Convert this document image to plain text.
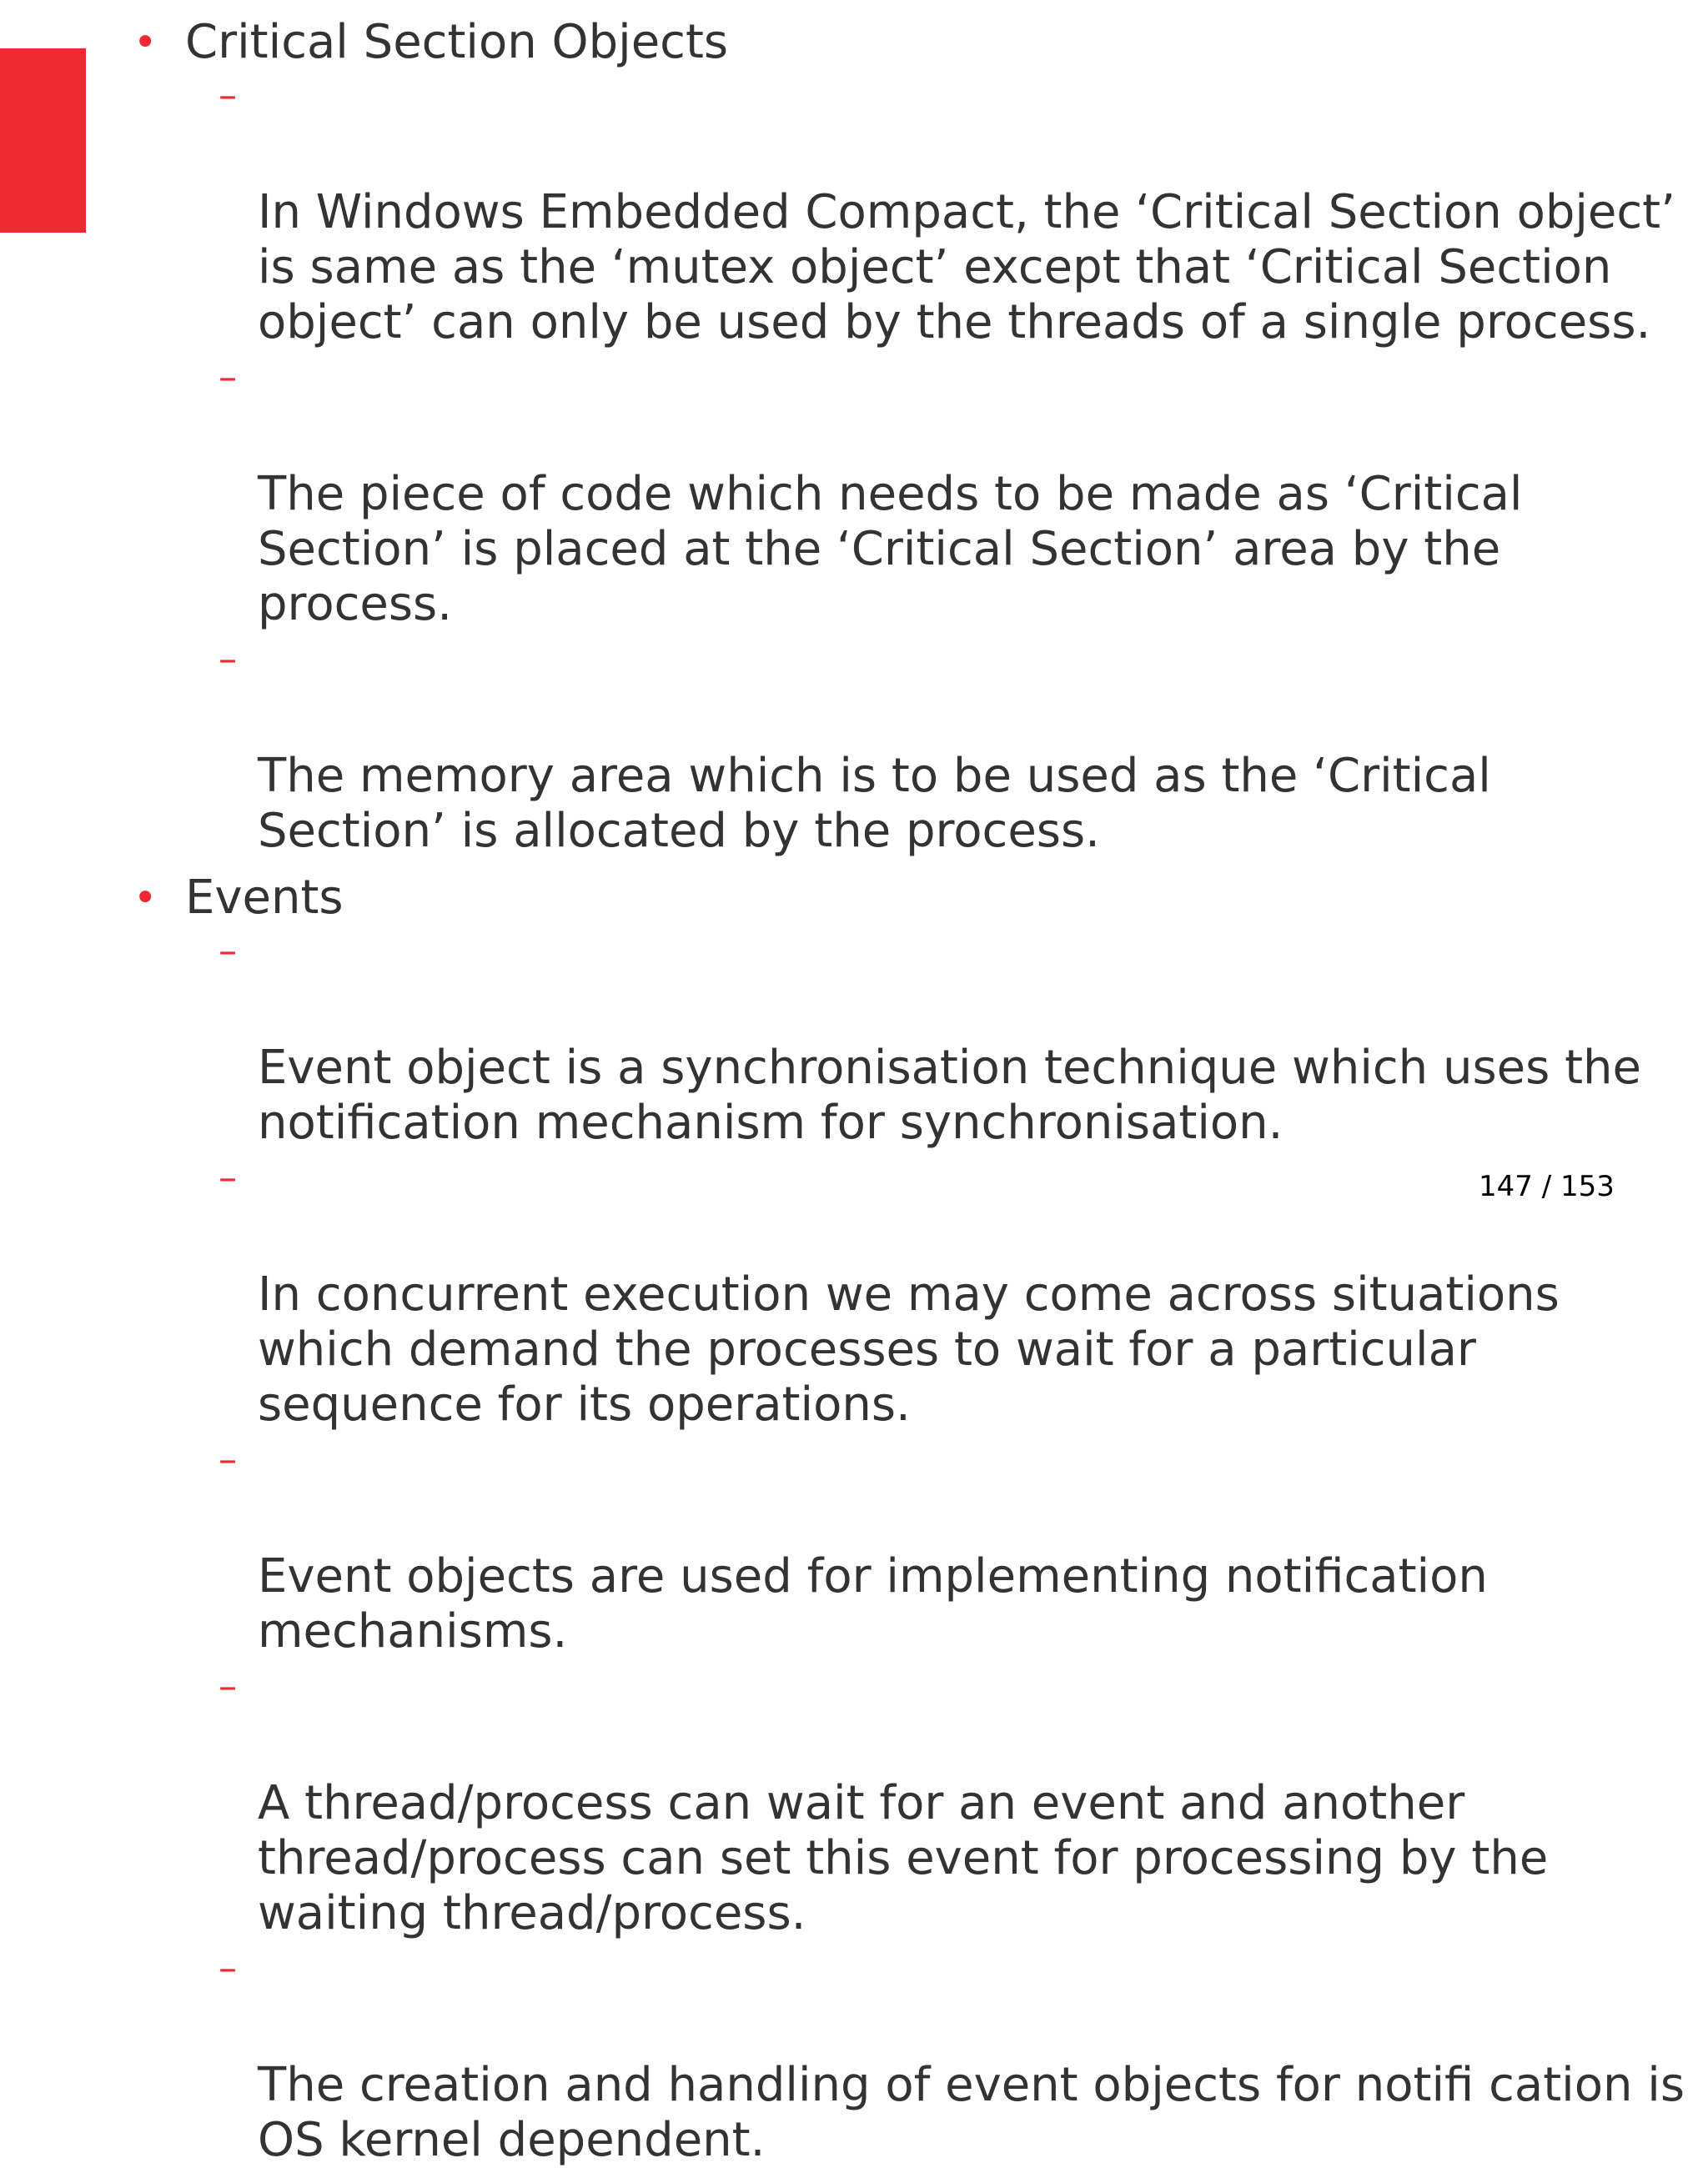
• Critical Section Objects

–

In Windows Embedded Compact, the ‘Critical Section object’
is same as the ‘mutex object’ except that ‘Critical Section
object’ can only be used by the threads of a single process.

–

The piece of code which needs to be made as ‘Critical
Section’ is placed at the ‘Critical Section’ area by the
process.

–

The memory area which is to be used as the ‘Critical
Section’ is allocated by the process.

• Events

–

Event object is a synchronisation technique which uses the
notification mechanism for synchronisation.

–

In concurrent execution we may come across situations
which demand the processes to wait for a particular
sequence for its operations.

–

Event objects are used for implementing notification
mechanisms.

–

A thread/process can wait for an event and another
thread/process can set this event for processing by the
waiting thread/process.

–

The creation and handling of event objects for notifi cation is
OS kernel dependent.

147 / 153
